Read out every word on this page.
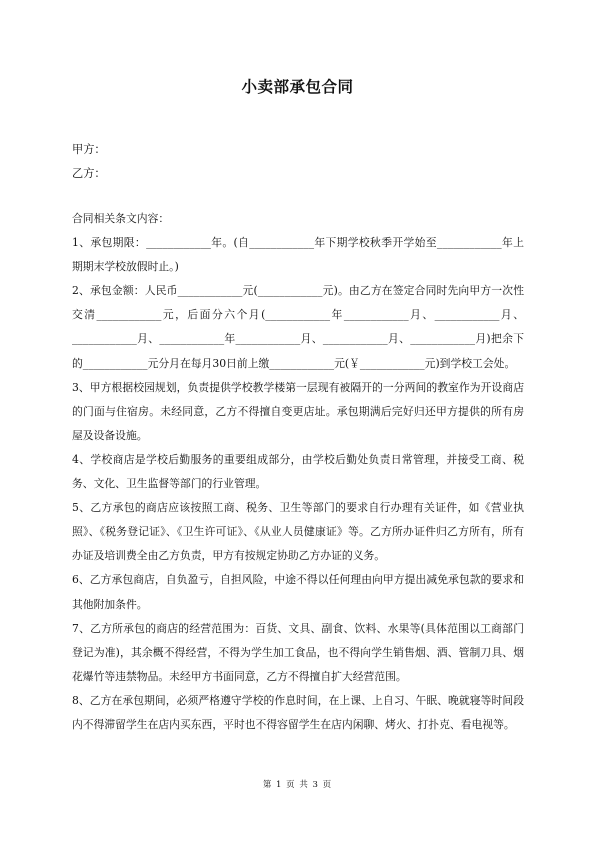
小卖部承包合同
甲方：
乙方：

合同相关条文内容：

1、承包期限：____________年。(自____________年下期学校秋季开学始至____________年上期期末学校放假时止。)

2、承包金额：人民币____________元(____________元)。由乙方在签定合同时先向甲方一次性交清____________元，后面分六个月(____________年____________月、____________月、____________月、____________年____________月、____________月、____________月)把余下的____________元分月在每月30日前上缴____________元(￥____________元)到学校工会处。

3、甲方根据校园规划，负责提供学校教学楼第一层现有被隔开的一分两间的教室作为开设商店的门面与住宿房。未经同意，乙方不得擅自变更店址。承包期满后完好归还甲方提供的所有房屋及设备设施。

4、学校商店是学校后勤服务的重要组成部分，由学校后勤处负责日常管理，并接受工商、税务、文化、卫生监督等部门的行业管理。

5、乙方承包的商店应该按照工商、税务、卫生等部门的要求自行办理有关证件，如《营业执照》、《税务登记证》、《卫生许可证》、《从业人员健康证》等。乙方所办证件归乙方所有，所有办证及培训费全由乙方负责，甲方有按规定协助乙方办证的义务。

6、乙方承包商店，自负盈亏，自担风险，中途不得以任何理由向甲方提出减免承包款的要求和其他附加条件。

7、乙方所承包的商店的经营范围为：百货、文具、副食、饮料、水果等(具体范围以工商部门登记为准)，其余概不得经营，不得为学生加工食品，也不得向学生销售烟、酒、管制刀具、烟花爆竹等违禁物品。未经甲方书面同意，乙方不得擅自扩大经营范围。

8、乙方在承包期间，必须严格遵守学校的作息时间，在上课、上自习、午眠、晚就寝等时间段内不得滞留学生在店内买东西，平时也不得容留学生在店内闲聊、烤火、打扑克、看电视等。

第 1 页 共 3 页
